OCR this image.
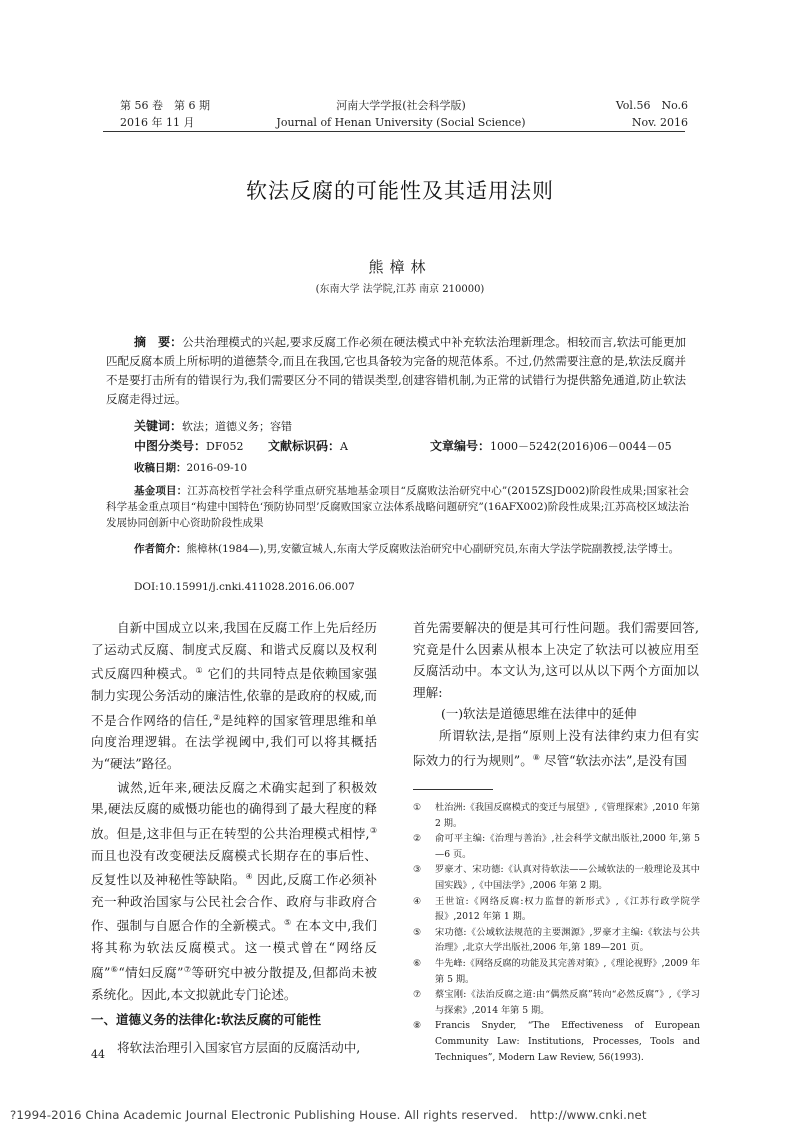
第 56 卷　第 6 期
2016 年 11 月
河南大学学报(社会科学版)
Journal of Henan University (Social Science)
Vol.56　No.6
Nov. 2016
软法反腐的可能性及其适用法则
熊樟林
(东南大学 法学院,江苏 南京 210000)

摘　要：公共治理模式的兴起,要求反腐工作必须在硬法模式中补充软法治理新理念。相较而言,软法可能更加匹配反腐本质上所标明的道德禁令,而且在我国,它也具备较为完备的规范体系。不过,仍然需要注意的是,软法反腐并不是要打击所有的错误行为,我们需要区分不同的错误类型,创建容错机制,为正常的试错行为提供豁免通道,防止软法反腐走得过远。

关键词：软法；道德义务；容错
中图分类号：DF052 文献标识码：A	文章编号：1000－5242(2016)06－0044－05
收稿日期：2016-09-10

基金项目：江苏高校哲学社会科学重点研究基地基金项目“反腐败法治研究中心”(2015ZSJD002)阶段性成果;国家社会科学基金重点项目“构建中国特色‘预防协同型’反腐败国家立法体系战略问题研究”(16AFX002)阶段性成果;江苏高校区域法治发展协同创新中心资助阶段性成果

作者简介：熊樟林(1984—),男,安徽宣城人,东南大学反腐败法治研究中心副研究员,东南大学法学院副教授,法学博士。

DOI:10.15991/j.cnki.411028.2016.06.007

自新中国成立以来,我国在反腐工作上先后经历了运动式反腐、制度式反腐、和谐式反腐以及权利式反腐四种模式。① 它们的共同特点是依赖国家强制力实现公务活动的廉洁性,依靠的是政府的权威,而不是合作网络的信任,②是纯粹的国家管理思维和单向度治理逻辑。在法学视阈中,我们可以将其概括为“硬法”路径。

诚然,近年来,硬法反腐之术确实起到了积极效果,硬法反腐的威慑功能也的确得到了最大程度的释放。但是,这非但与正在转型的公共治理模式相悖,③而且也没有改变硬法反腐模式长期存在的事后性、反复性以及神秘性等缺陷。④ 因此,反腐工作必须补充一种政治国家与公民社会合作、政府与非政府合作、强制与自愿合作的全新模式。⑤ 在本文中,我们将其称为软法反腐模式。这一模式曾在“网络反腐”⑥“情妇反腐”⑦等研究中被分散提及,但都尚未被系统化。因此,本文拟就此专门论述。

一、道德义务的法律化:软法反腐的可能性

将软法治理引入国家官方层面的反腐活动中,

首先需要解决的便是其可行性问题。我们需要回答,究竟是什么因素从根本上决定了软法可以被应用至反腐活动中。本文认为,这可以从以下两个方面加以理解:

(一)软法是道德思维在法律中的延伸

所谓软法,是指“原则上没有法律约束力但有实际效力的行为规则”。⑧ 尽管“软法亦法”,是没有国

①	杜治洲:《我国反腐模式的变迁与展望》,《管理探索》,2010 年第 2 期。

②	俞可平主编:《治理与善治》,社会科学文献出版社,2000 年,第 5—6 页。

③	罗豪才、宋功德:《认真对待软法——公域软法的一般理论及其中国实践》,《中国法学》,2006 年第 2 期。

④	王世谊:《网络反腐:权力监督的新形式》,《江苏行政学院学报》,2012 年第 1 期。

⑤	宋功德:《公域软法规范的主要渊源》,罗豪才主编:《软法与公共治理》,北京大学出版社,2006 年,第 189—201 页。

⑥	牛先峰:《网络反腐的功能及其完善对策》,《理论视野》,2009 年第 5 期。

⑦	蔡宝刚:《法治反腐之道:由“偶然反腐”转向“必然反腐”》,《学习与探索》,2014 年第 5 期。

⑧	Francis Snyder, “The Effectiveness of European Community Law: Institutions, Processes, Tools and Techniques”, Modern Law Review, 56(1993).

44
?1994-2016 China Academic Journal Electronic Publishing House. All rights reserved.　http://www.cnki.net
